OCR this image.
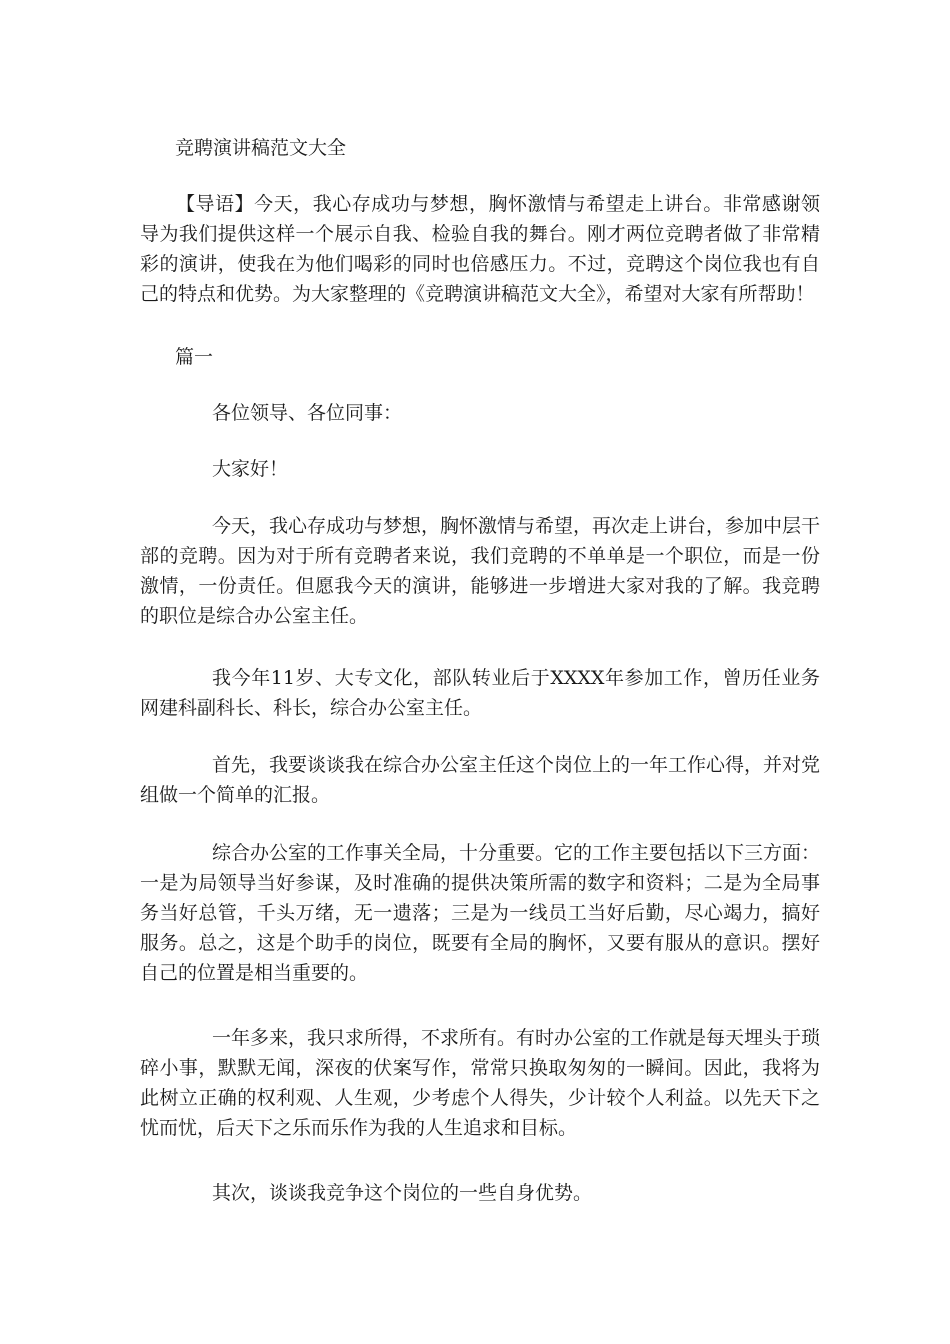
竞聘演讲稿范文大全

【导语】今天，我心存成功与梦想，胸怀激情与希望走上讲台。非常感谢领导为我们提供这样一个展示自我、检验自我的舞台。刚才两位竞聘者做了非常精彩的演讲，使我在为他们喝彩的同时也倍感压力。不过，竞聘这个岗位我也有自己的特点和优势。为大家整理的《竞聘演讲稿范文大全》，希望对大家有所帮助！

篇一
各位领导、各位同事：
大家好！

今天，我心存成功与梦想，胸怀激情与希望，再次走上讲台，参加中层干部的竞聘。因为对于所有竞聘者来说，我们竞聘的不单单是一个职位，而是一份激情，一份责任。但愿我今天的演讲，能够进一步增进大家对我的了解。我竞聘的职位是综合办公室主任。

我今年11岁、大专文化，部队转业后于XXXX年参加工作，曾历任业务网建科副科长、科长，综合办公室主任。

首先，我要谈谈我在综合办公室主任这个岗位上的一年工作心得，并对党组做一个简单的汇报。

综合办公室的工作事关全局，十分重要。它的工作主要包括以下三方面：一是为局领导当好参谋，及时准确的提供决策所需的数字和资料；二是为全局事务当好总管，千头万绪，无一遗落；三是为一线员工当好后勤，尽心竭力，搞好服务。总之，这是个助手的岗位，既要有全局的胸怀，又要有服从的意识。摆好自己的位置是相当重要的。

一年多来，我只求所得，不求所有。有时办公室的工作就是每天埋头于琐碎小事，默默无闻，深夜的伏案写作，常常只换取匆匆的一瞬间。因此，我将为此树立正确的权利观、人生观，少考虑个人得失，少计较个人利益。以先天下之忧而忧，后天下之乐而乐作为我的人生追求和目标。

其次，谈谈我竞争这个岗位的一些自身优势。
